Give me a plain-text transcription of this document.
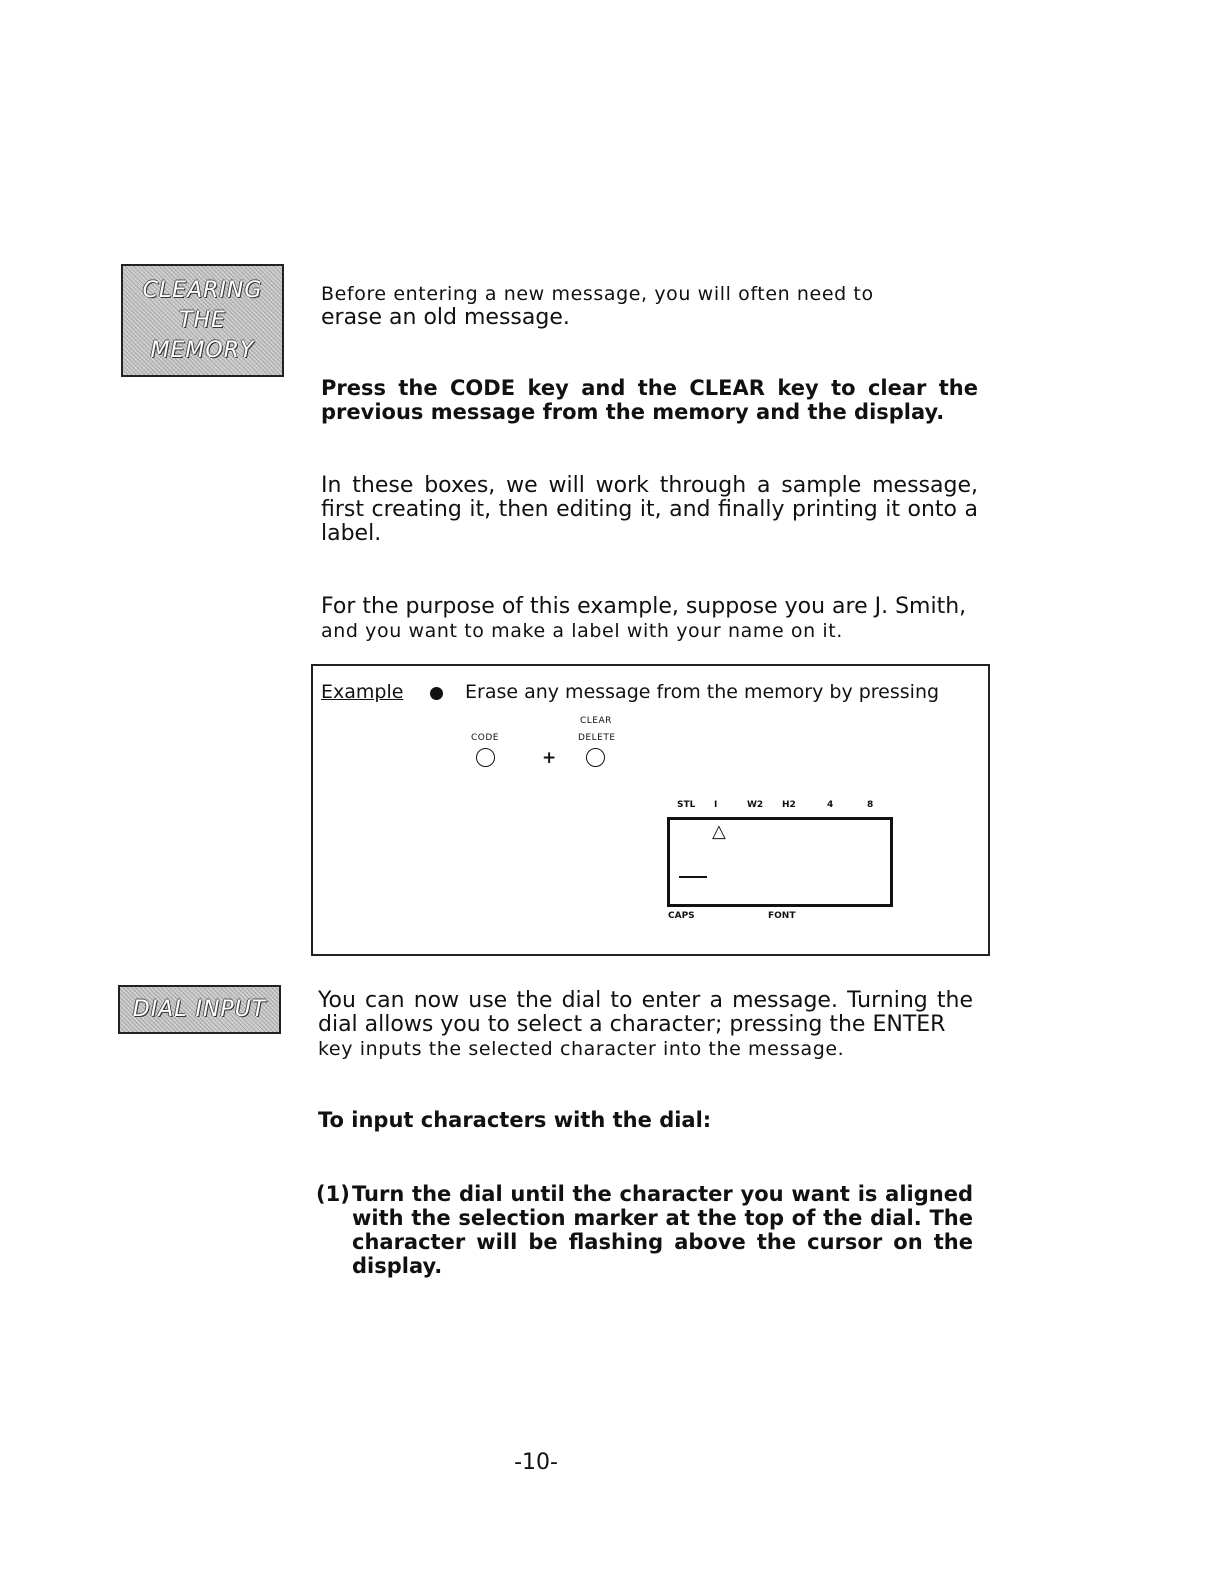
CLEARING
THE
MEMORY
Before entering a new message, you will often need to
erase an old message.
Press the CODE key and the CLEAR key to clear the previous message from the memory and the display.
In these boxes, we will work through a sample message, first creating it, then editing it, and finally printing it onto a label.
For the purpose of this example, suppose you are J. Smith,
and you want to make a label with your name on it.
Example	Erase any message from the memory by pressing
CODE
+
CLEAR
DELETE
STL I	W2 H2	4	8
△
CAPS	FONT
DIAL INPUT You can now use the dial to enter a message. Turning the dial allows you to select a character; pressing the ENTER
key inputs the selected character into the message.
To input characters with the dial:
(1) Turn the dial until the character you want is aligned with the selection marker at the top of the dial. The character will be flashing above the cursor on the display.
-10-
